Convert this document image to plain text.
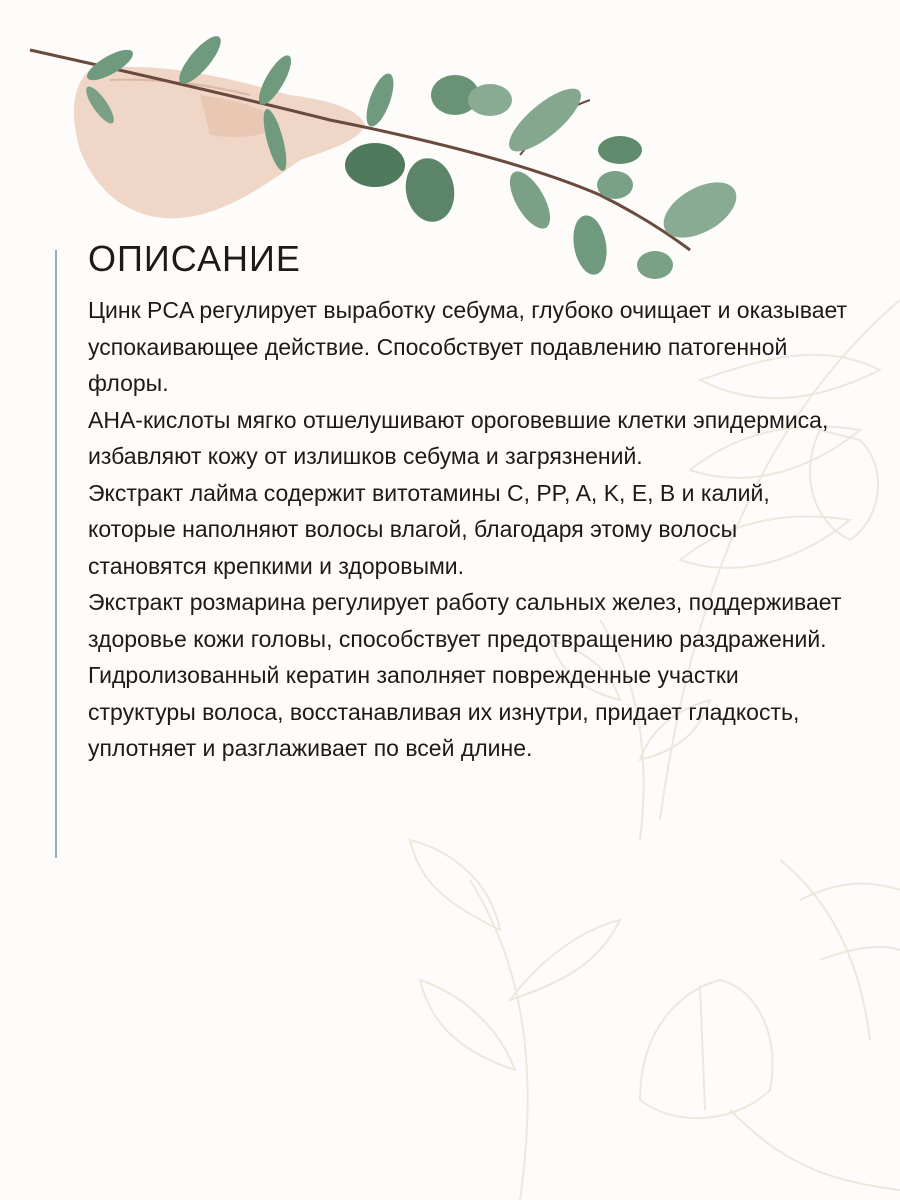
ОПИСАНИЕ

Цинк PCA регулирует выработку себума, глубоко очищает и оказывает успокаивающее действие. Способствует подавлению патогенной флоры.

AHA-кислоты мягко отшелушивают ороговевшие клетки эпидермиса, избавляют кожу от излишков себума и загрязнений.

Экстракт лайма содержит витотамины С, PP, A, K, E, B и калий, которые наполняют волосы влагой, благодаря этому волосы становятся крепкими и здоровыми.

Экстракт розмарина регулирует работу сальных желез, поддерживает здоровье кожи головы, способствует предотвращению раздражений.

Гидролизованный кератин заполняет поврежденные участки структуры волоса, восстанавливая их изнутри, придает гладкость, уплотняет и разглаживает по всей длине.
